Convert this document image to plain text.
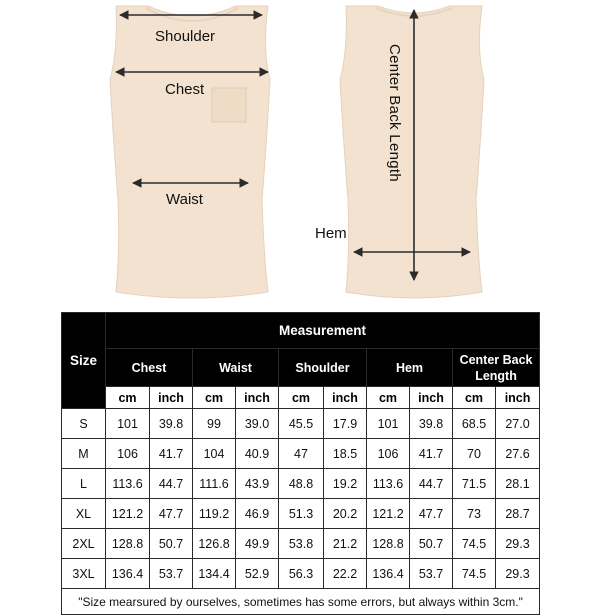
Shoulder
Chest
Waist
Center Back Length
Hem
Size	Measurement									
	Chest		Waist		Shoulder		Hem		Center Back
Length	
	cm	inch	cm	inch	cm	inch	cm	inch	cm	inch
S	101	39.8	99	39.0	45.5	17.9	101	39.8	68.5	27.0
M	106	41.7	104	40.9	47	18.5	106	41.7	70	27.6
L	113.6	44.7	111.6	43.9	48.8	19.2	113.6	44.7	71.5	28.1
XL	121.2	47.7	119.2	46.9	51.3	20.2	121.2	47.7	73	28.7
2XL	128.8	50.7	126.8	49.9	53.8	21.2	128.8	50.7	74.5	29.3
3XL	136.4	53.7	134.4	52.9	56.3	22.2	136.4	53.7	74.5	29.3
"Size mearsured by ourselves, sometimes has some errors, but always within 3cm."										
